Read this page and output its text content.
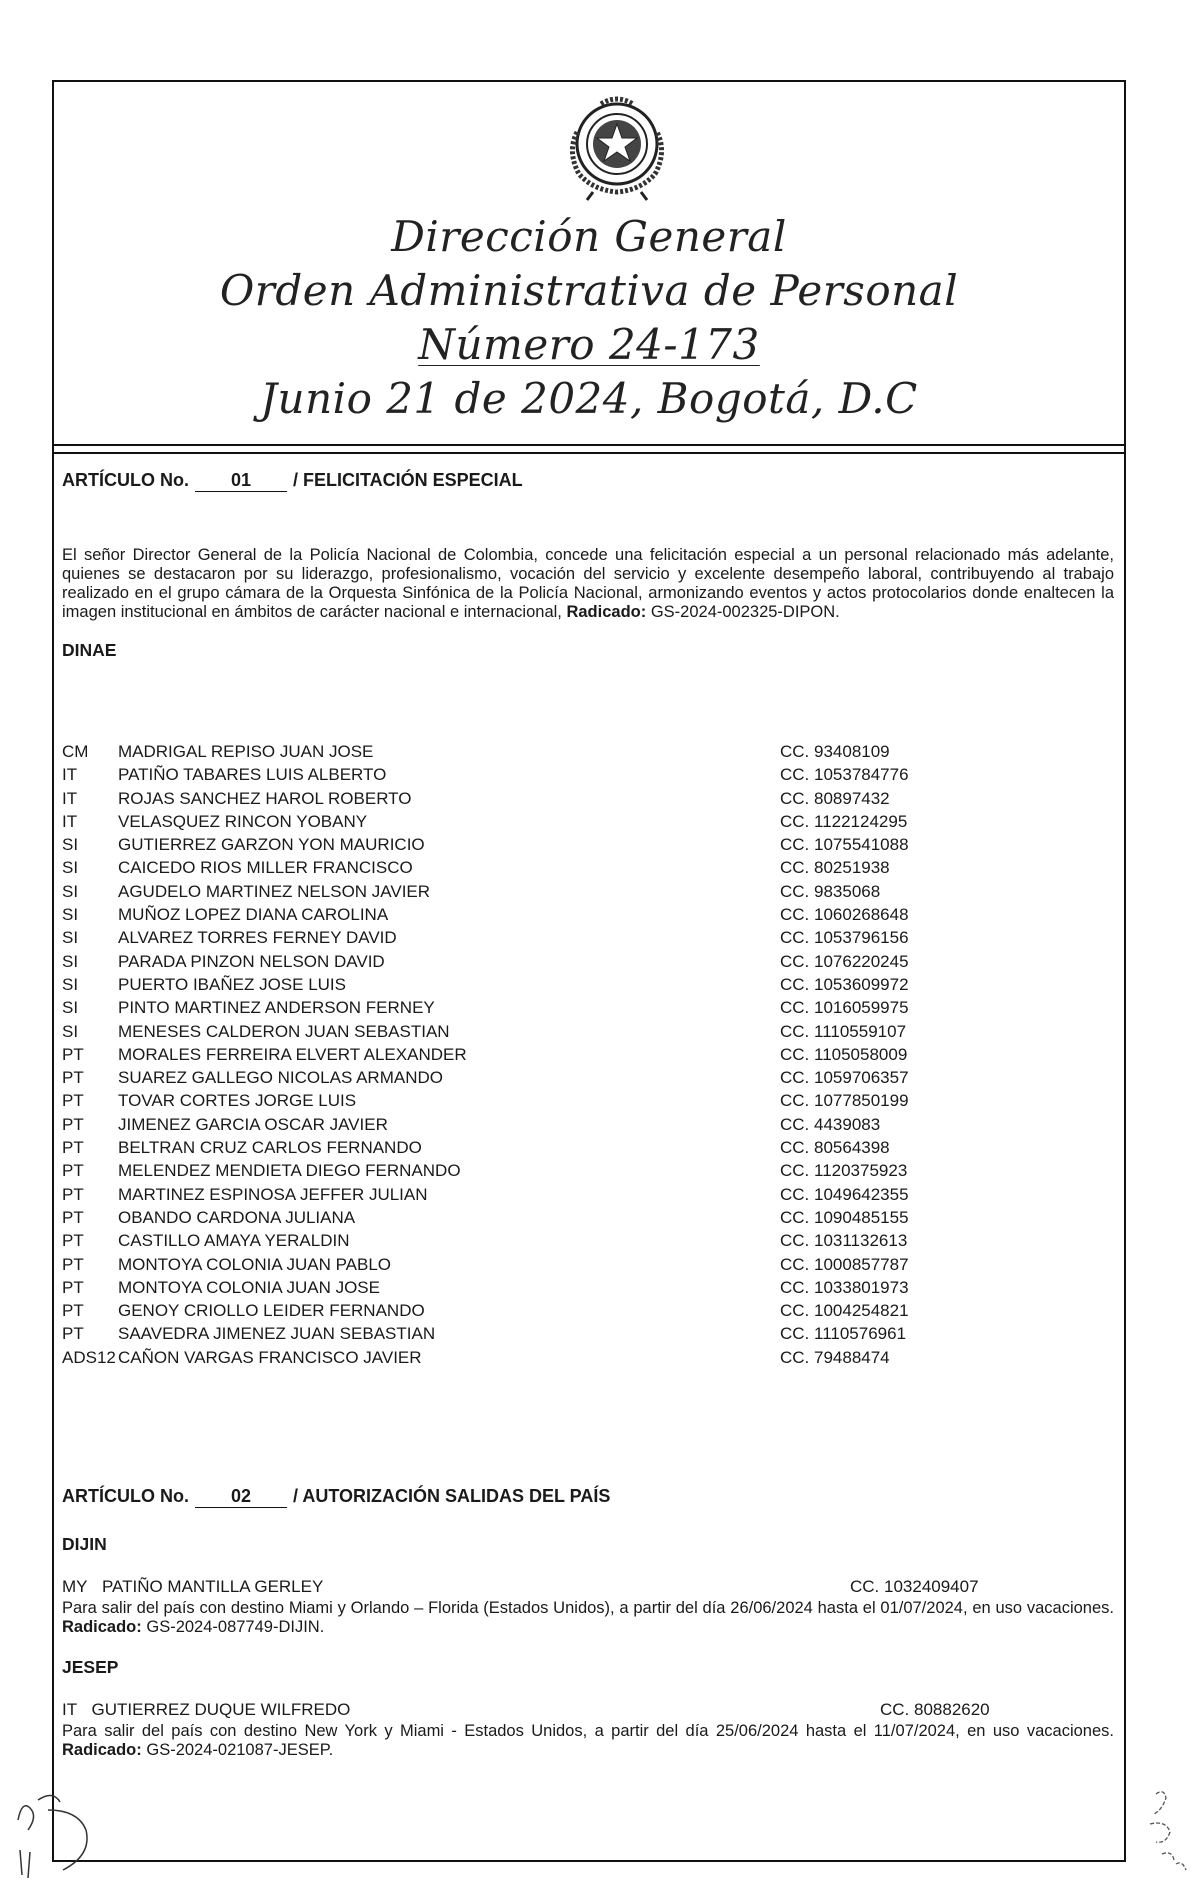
Dirección General
Orden Administrativa de Personal
Número 24-173
Junio 21 de 2024, Bogotá, D.C
ARTÍCULO No.	01	/ FELICITACIÓN ESPECIAL

El señor Director General de la Policía Nacional de Colombia, concede una felicitación especial a un personal relacionado más adelante, quienes se destacaron por su liderazgo, profesionalismo, vocación del servicio y excelente desempeño laboral, contribuyendo al trabajo realizado en el grupo cámara de la Orquesta Sinfónica de la Policía Nacional, armonizando eventos y actos protocolarios donde enaltecen la imagen institucional en ámbitos de carácter nacional e internacional, Radicado: GS-2024-002325-DIPON.

DINAE
CM	MADRIGAL REPISO JUAN JOSE	CC. 93408109
IT	PATIÑO TABARES LUIS ALBERTO	CC. 1053784776
IT	ROJAS SANCHEZ HAROL ROBERTO	CC. 80897432
IT	VELASQUEZ RINCON YOBANY	CC. 1122124295
SI	GUTIERREZ GARZON YON MAURICIO	CC. 1075541088
SI	CAICEDO RIOS MILLER FRANCISCO	CC. 80251938
SI	AGUDELO MARTINEZ NELSON JAVIER	CC. 9835068
SI	MUÑOZ LOPEZ DIANA CAROLINA	CC. 1060268648
SI	ALVAREZ TORRES FERNEY DAVID	CC. 1053796156
SI	PARADA PINZON NELSON DAVID	CC. 1076220245
SI	PUERTO IBAÑEZ JOSE LUIS	CC. 1053609972
SI	PINTO MARTINEZ ANDERSON FERNEY	CC. 1016059975
SI	MENESES CALDERON JUAN SEBASTIAN	CC. 1110559107
PT	MORALES FERREIRA ELVERT ALEXANDER	CC. 1105058009
PT	SUAREZ GALLEGO NICOLAS ARMANDO	CC. 1059706357
PT	TOVAR CORTES JORGE LUIS	CC. 1077850199
PT	JIMENEZ GARCIA OSCAR JAVIER	CC. 4439083
PT	BELTRAN CRUZ CARLOS FERNANDO	CC. 80564398
PT	MELENDEZ MENDIETA DIEGO FERNANDO	CC. 1120375923
PT	MARTINEZ ESPINOSA JEFFER JULIAN	CC. 1049642355
PT	OBANDO CARDONA JULIANA	CC. 1090485155
PT	CASTILLO AMAYA YERALDIN	CC. 1031132613
PT	MONTOYA COLONIA JUAN PABLO	CC. 1000857787
PT	MONTOYA COLONIA JUAN JOSE	CC. 1033801973
PT	GENOY CRIOLLO LEIDER FERNANDO	CC. 1004254821
PT	SAAVEDRA JIMENEZ JUAN SEBASTIAN	CC. 1110576961
ADS12 CAÑON VARGAS FRANCISCO JAVIER	CC. 79488474
ARTÍCULO No.	02	/ AUTORIZACIÓN SALIDAS DEL PAÍS
DIJIN
MY PATIÑO MANTILLA GERLEY	CC. 1032409407

Para salir del país con destino Miami y Orlando – Florida (Estados Unidos), a partir del día 26/06/2024 hasta el 01/07/2024, en uso vacaciones. Radicado: GS-2024-087749-DIJIN.

JESEP
IT GUTIERREZ DUQUE WILFREDO	CC. 80882620

Para salir del país con destino New York y Miami - Estados Unidos, a partir del día 25/06/2024 hasta el 11/07/2024, en uso vacaciones. Radicado: GS-2024-021087-JESEP.
